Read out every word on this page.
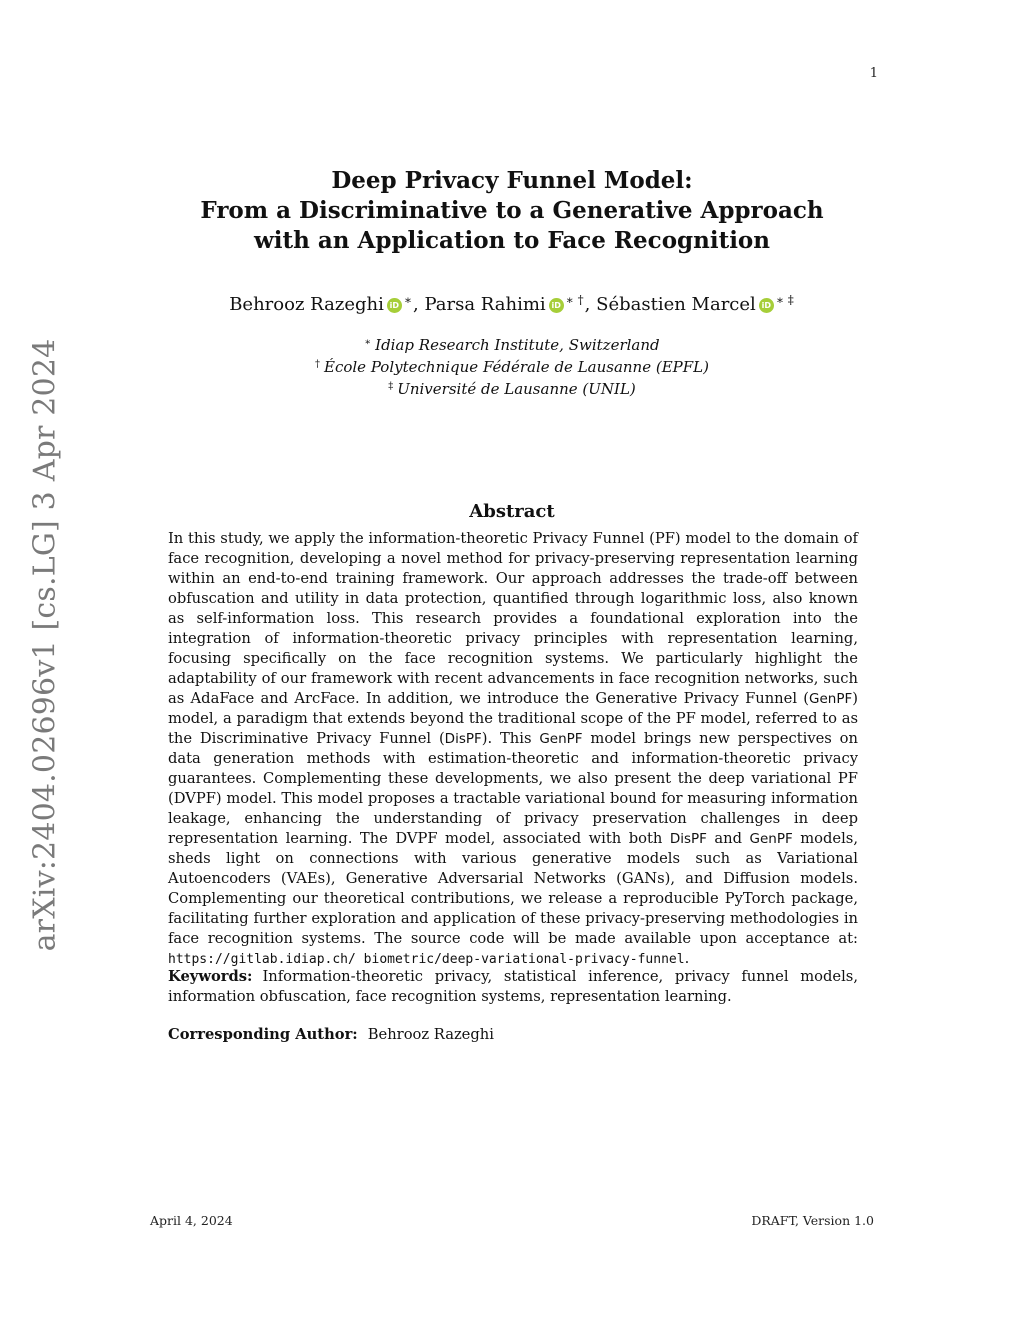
1
arXiv:2404.02696v1 [cs.LG] 3 Apr 2024
Deep Privacy Funnel Model:
From a Discriminative to a Generative Approach
with an Application to Face Recognition
Behrooz Razeghi iD ∗, Parsa Rahimi iD ∗ †, Sébastien Marcel iD ∗ ‡
∗ Idiap Research Institute, Switzerland
† École Polytechnique Fédérale de Lausanne (EPFL)
‡ Université de Lausanne (UNIL)
Abstract
In this study, we apply the information-theoretic Privacy Funnel (PF) model to the domain of face recognition, developing a novel method for privacy-preserving representation learning within an end-to-end training framework. Our approach addresses the trade-off between obfuscation and utility in data protection, quantified through logarithmic loss, also known as self-information loss. This research provides a foundational exploration into the integration of information-theoretic privacy principles with representation learning, focusing specifically on the face recognition systems. We particularly highlight the adaptability of our framework with recent advancements in face recognition networks, such as AdaFace and ArcFace. In addition, we introduce the Generative Privacy Funnel (GenPF) model, a paradigm that extends beyond the traditional scope of the PF model, referred to as the Discriminative Privacy Funnel (DisPF). This GenPF model brings new perspectives on data generation methods with estimation-theoretic and information-theoretic privacy guarantees. Complementing these developments, we also present the deep variational PF (DVPF) model. This model proposes a tractable variational bound for measuring information leakage, enhancing the understanding of privacy preservation challenges in deep representation learning. The DVPF model, associated with both DisPF and GenPF models, sheds light on connections with various generative models such as Variational Autoencoders (VAEs), Generative Adversarial Networks (GANs), and Diffusion models. Complementing our theoretical contributions, we release a reproducible PyTorch package, facilitating further exploration and application of these privacy-preserving methodologies in face recognition systems. The source code will be made available upon acceptance at: https://gitlab.idiap.ch/ biometric/deep-variational-privacy-funnel.
Keywords: Information-theoretic privacy, statistical inference, privacy funnel models, information obfuscation, face recognition systems, representation learning.
Corresponding Author: Behrooz Razeghi
April 4, 2024	DRAFT, Version 1.0
